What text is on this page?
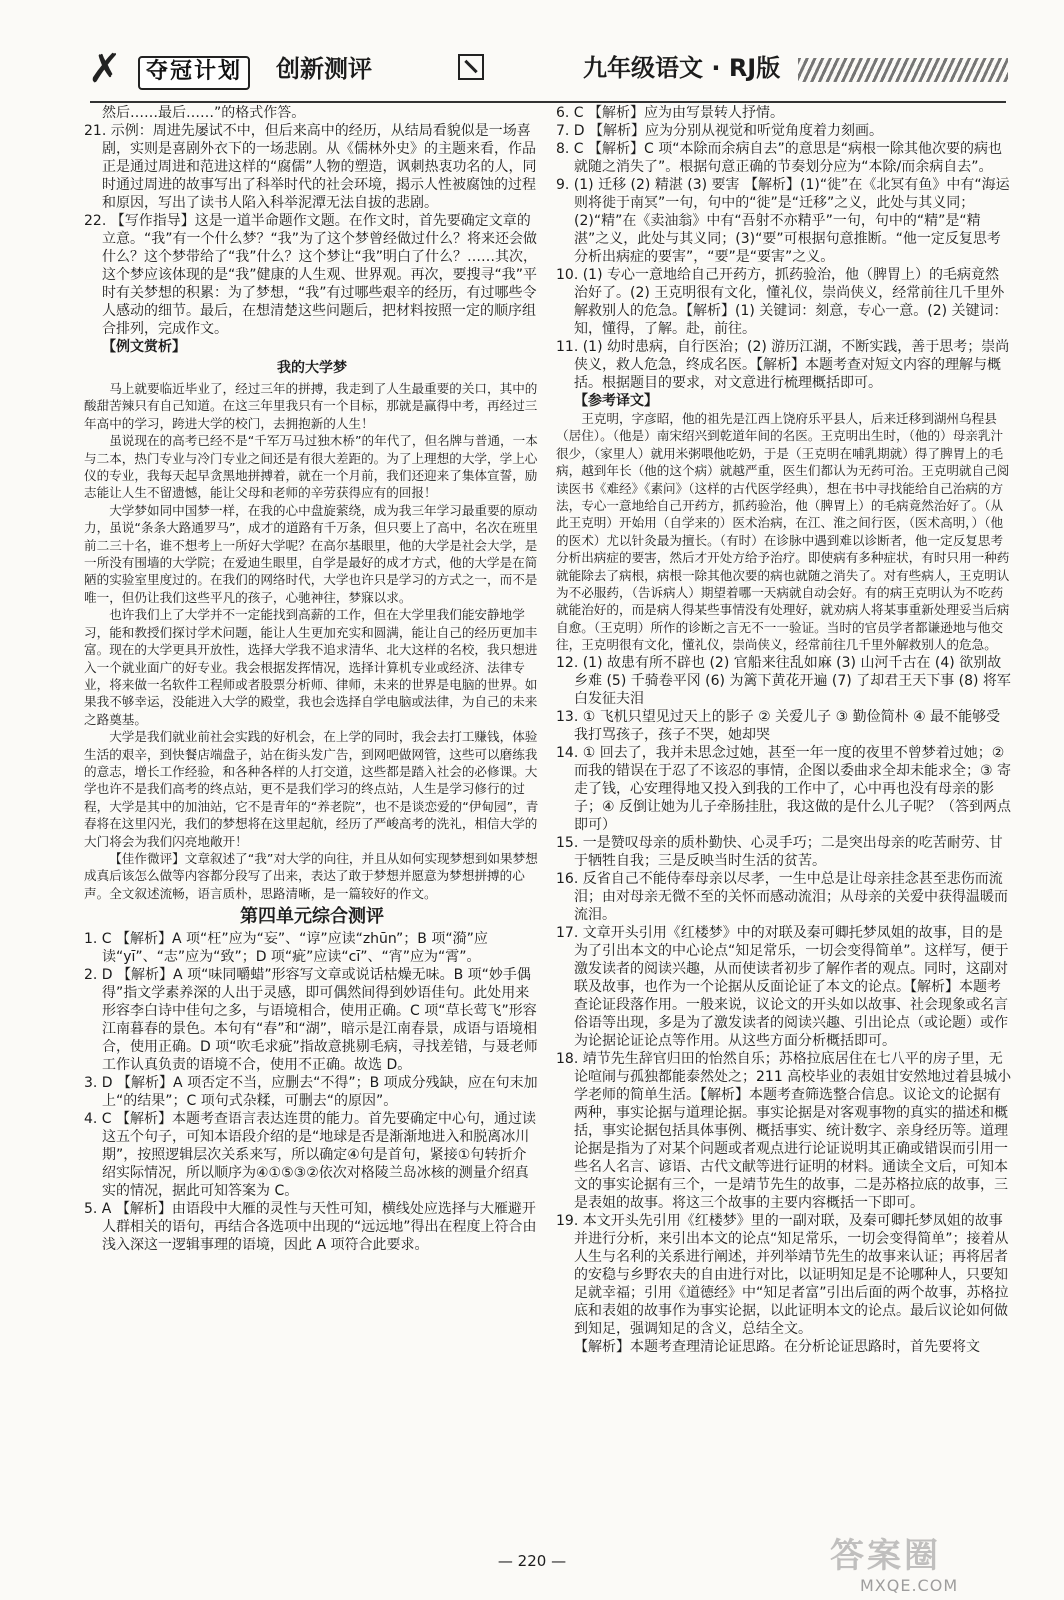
✗	夺冠计划	创新测评	九年级语文 · RJ版
然后……最后……”的格式作答。
21. 示例：周进先屡试不中，但后来高中的经历，从结局看貌似是一场喜剧，实则是喜剧外衣下的一场悲剧。从《儒林外史》的主题来看，作品正是通过周进和范进这样的“腐儒”人物的塑造，讽刺热衷功名的人，同时通过周进的故事写出了科举时代的社会环境，揭示人性被腐蚀的过程和原因，写出了读书人陷入科举泥潭无法自拔的悲剧。
22. 【写作指导】这是一道半命题作文题。在作文时，首先要确定文章的立意。“我”有一个什么梦？“我”为了这个梦曾经做过什么？将来还会做什么？这个梦带给了“我”什么？这个梦让“我”明白了什么？……其次，这个梦应该体现的是“我”健康的人生观、世界观。再次，要搜寻“我”平时有关梦想的积累：为了梦想，“我”有过哪些艰辛的经历，有过哪些令人感动的细节。最后，在想清楚这些问题后，把材料按照一定的顺序组合排列，完成作文。
【例文赏析】
我的大学梦
马上就要临近毕业了，经过三年的拼搏，我走到了人生最重要的关口，其中的酸甜苦辣只有自己知道。在这三年里我只有一个目标，那就是赢得中考，再经过三年高中的学习，跨进大学的校门，去拥抱新的人生！
虽说现在的高考已经不是“千军万马过独木桥”的年代了，但名牌与普通，一本与二本，热门专业与冷门专业之间还是有很大差距的。为了上理想的大学，学上心仪的专业，我每天起早贪黑地拼搏着，就在一个月前，我们还迎来了集体宣誓，励志能让人生不留遗憾，能让父母和老师的辛劳获得应有的回报！
大学梦如同中国梦一样，在我的心中盘旋萦绕，成为我三年学习最重要的原动力，虽说“条条大路通罗马”，成才的道路有千万条，但只要上了高中，名次在班里前二三十名，谁不想考上一所好大学呢？在高尔基眼里，他的大学是社会大学，是一所没有围墙的大学院；在爱迪生眼里，自学是最好的成才方式，他的大学是在简陋的实验室里度过的。在我们的网络时代，大学也许只是学习的方式之一，而不是唯一，但仍让我们这些平凡的孩子，心驰神往，梦寐以求。
也许我们上了大学并不一定能找到高薪的工作，但在大学里我们能安静地学习，能和教授们探讨学术问题，能让人生更加充实和圆满，能让自己的经历更加丰富。现在的大学更具开放性，选择大学我不追求清华、北大这样的名校，我只想进入一个就业面广的好专业。我会根据发挥情况，选择计算机专业或经济、法律专业，将来做一名软件工程师或者股票分析师、律师，未来的世界是电脑的世界。如果我不够幸运，没能进入大学的殿堂，我也会选择自学电脑或法律，为自己的未来之路奠基。
大学是我们就业前社会实践的好机会，在上学的同时，我会去打工赚钱，体验生活的艰辛，到快餐店端盘子，站在街头发广告，到网吧做网管，这些可以磨练我的意志，增长工作经验，和各种各样的人打交道，这些都是踏入社会的必修课。大学也许不是我们高考的终点站，更不是我们学习的终点站，人生是学习修行的过程，大学是其中的加油站，它不是青年的“养老院”，也不是谈恋爱的“伊甸园”，青春将在这里闪光，我们的梦想将在这里起航，经历了严峻高考的洗礼，相信大学的大门将会为我们闪亮地敞开！
【佳作微评】文章叙述了“我”对大学的向往，并且从如何实现梦想到如果梦想成真后该怎么做等内容都分段写了出来，表达了敢于梦想并愿意为梦想拼搏的心声。全文叙述流畅，语言质朴，思路清晰，是一篇较好的作文。
第四单元综合测评
1. C 【解析】A 项“枉”应为“妄”、“谆”应读“zhūn”；B 项“漪”应读“yī”、“志”应为“致”；D 项“疵”应读“cī”、“宵”应为“霄”。
2. D 【解析】A 项“味同嚼蜡”形容写文章或说话枯燥无味。B 项“妙手偶得”指文学素养深的人出于灵感，即可偶然间得到妙语佳句。此处用来形容李白诗中佳句之多，与语境相合，使用正确。C 项“草长莺飞”形容江南暮春的景色。本句有“春”和“湖”，暗示是江南春景，成语与语境相合，使用正确。D 项“吹毛求疵”指故意挑剔毛病，寻找差错，与聂老师工作认真负责的语境不合，使用不正确。故选 D。
3. D 【解析】A 项否定不当，应删去“不得”；B 项成分残缺，应在句末加上“的结果”；C 项句式杂糅，可删去“的原因”。
4. C 【解析】本题考查语言表达连贯的能力。首先要确定中心句，通过读这五个句子，可知本语段介绍的是“地球是否是渐渐地进入和脱离冰川期”，按照逻辑层次关系来写，所以确定④句是首句，紧接①句转折介绍实际情况，所以顺序为④①⑤③②依次对格陵兰岛冰核的测量介绍真实的情况，据此可知答案为 C。
5. A 【解析】由语段中大雁的灵性与天性可知，横线处应选择与大雁避开人群相关的语句，再结合各选项中出现的“远远地”得出在程度上符合由浅入深这一逻辑事理的语境，因此 A 项符合此要求。
6. C 【解析】应为由写景转人抒情。
7. D 【解析】应为分别从视觉和听觉角度着力刻画。
8. C 【解析】C 项“本除而余病自去”的意思是“病根一除其他次要的病也就随之消失了”。根据句意正确的节奏划分应为“本除/而余病自去”。
9. (1) 迁移 (2) 精湛 (3) 要害 【解析】(1)“徙”在《北冥有鱼》中有“海运则将徙于南冥”一句，句中的“徙”是“迁移”之义，此处与其义同；(2)“精”在《卖油翁》中有“吾射不亦精乎”一句，句中的“精”是“精湛”之义，此处与其义同；(3)“要”可根据句意推断。“他一定反复思考分析出病症的要害”，“要”是“要害”之义。
10. (1) 专心一意地给自己开药方，抓药验治，他（脾胃上）的毛病竟然治好了。(2) 王克明很有文化，懂礼仪，崇尚侠义，经常前往几千里外解救别人的危急。【解析】(1) 关键词：刻意，专心一意。(2) 关键词：知，懂得，了解。赴，前往。
11. (1) 幼时患病，自行医治；(2) 游历江湖，不断实践，善于思考；崇尚侠义，救人危急，终成名医。【解析】本题考查对短文内容的理解与概括。根据题目的要求，对文意进行梳理概括即可。
【参考译文】
王克明，字彦昭，他的祖先是江西上饶府乐平县人，后来迁移到湖州乌程县（居住）。（他是）南宋绍兴到乾道年间的名医。王克明出生时，（他的）母亲乳汁很少，（家里人）就用米粥喂他吃奶，于是（王克明在哺乳期就）得了脾胃上的毛病，越到年长（他的这个病）就越严重，医生们都认为无药可治。王克明就自己阅读医书《难经》《素问》（这样的古代医学经典），想在书中寻找能给自己治病的方法，专心一意地给自己开药方，抓药验治，他（脾胃上）的毛病竟然治好了。（从此王克明）开始用（自学来的）医术治病，在江、淮之间行医，（医术高明，）（他的医术）尤以针灸最为擅长。（有时）在诊脉中遇到难以诊断者，他一定反复思考分析出病症的要害，然后才开处方给予治疗。即使病有多种症状，有时只用一种药就能除去了病根，病根一除其他次要的病也就随之消失了。对有些病人，王克明认为不必服药，（告诉病人）期望着哪一天病就自动会好。有的病王克明认为不吃药就能治好的，而是病人得某些事情没有处理好，就劝病人将某事重新处理妥当后病自愈。（王克明）所作的诊断之言无不一一验证。当时的官员学者都谦逊地与他交往，王克明很有文化，懂礼仪，崇尚侠义，经常前往几千里外解救别人的危急。
12. (1) 故患有所不辟也 (2) 官船来往乱如麻 (3) 山河千古在 (4) 欲别故乡难 (5) 千骑卷平冈 (6) 为篱下黄花开遍 (7) 了却君王天下事 (8) 将军白发征夫泪
13. ① 飞机只望见过天上的影子 ② 关爱儿子 ③ 勤俭简朴 ④ 最不能够受我打骂孩子，孩子不哭，她却哭
14. ① 回去了，我并未思念过她，甚至一年一度的夜里不曾梦着过她；② 而我的错误在于忍了不该忍的事情，企图以委曲求全却未能求全；③ 寄走了钱，心安理得地又投入到我的工作中了，心中再也没有母亲的影子；④ 反倒让她为儿子牵肠挂肚，我这做的是什么儿子呢？（答到两点即可）
15. 一是赞叹母亲的质朴勤快、心灵手巧；二是突出母亲的吃苦耐劳、甘于牺牲自我；三是反映当时生活的贫苦。
16. 反省自己不能侍奉母亲以尽孝，一生中总是让母亲挂念甚至悲伤而流泪；由对母亲无微不至的关怀而感动流泪；从母亲的关爱中获得温暖而流泪。
17. 文章开头引用《红楼梦》中的对联及秦可卿托梦凤姐的故事，目的是为了引出本文的中心论点“知足常乐，一切会变得简单”。这样写，便于激发读者的阅读兴趣，从而使读者初步了解作者的观点。同时，这副对联及故事，也作为一个论据从反面论证了本文的论点。【解析】本题考查论证段落作用。一般来说，议论文的开头如以故事、社会现象或名言俗语等出现，多是为了激发读者的阅读兴趣、引出论点（或论题）或作为论据论证论点等作用。从这些方面分析概括即可。
18. 靖节先生辞官归田的怡然自乐；苏格拉底居住在七八平的房子里，无论喧闹与孤独都能泰然处之；211 高校毕业的表姐甘安然地过着县城小学老师的简单生活。【解析】本题考查筛选整合信息。议论文的论据有两种，事实论据与道理论据。事实论据是对客观事物的真实的描述和概括，事实论据包括具体事例、概括事实、统计数字、亲身经历等。道理论据是指为了对某个问题或者观点进行论证说明其正确或错误而引用一些名人名言、谚语、古代文献等进行证明的材料。通读全文后，可知本文的事实论据有三个，一是靖节先生的故事，二是苏格拉底的故事，三是表姐的故事。将这三个故事的主要内容概括一下即可。
19. 本文开头先引用《红楼梦》里的一副对联，及秦可卿托梦凤姐的故事并进行分析，来引出本文的论点“知足常乐，一切会变得简单”；接着从人生与名利的关系进行阐述，并列举靖节先生的故事来认证；再将居者的安稳与乡野农夫的自由进行对比，以证明知足是不论哪种人，只要知足就幸福；引用《道德经》中“知足者富”引出后面的两个故事，苏格拉底和表姐的故事作为事实论据，以此证明本文的论点。最后议论如何做到知足，强调知足的含义，总结全文。
【解析】本题考查理清论证思路。在分析论证思路时，首先要将文
— 220 —	答案圈
MXQE.COM
